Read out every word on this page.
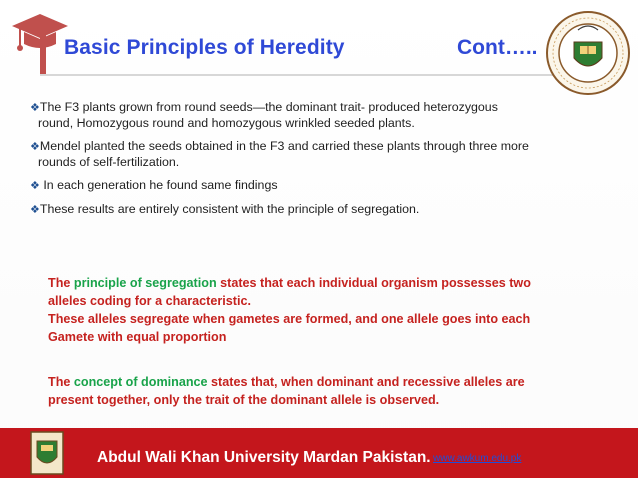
Basic Principles of Heredity	Cont…..
❖The F3 plants grown from round seeds—the dominant trait- produced heterozygous
round, Homozygous round and homozygous wrinkled seeded plants.
❖Mendel planted the seeds obtained in the F3 and carried these plants through three more
rounds of self-fertilization.
❖ In each generation he found same findings
❖These results are entirely consistent with the principle of segregation.
The principle of segregation states that each individual organism possesses two
alleles coding for a characteristic.
These alleles segregate when gametes are formed, and one allele goes into each
Gamete with equal proportion
The concept of dominance states that, when dominant and recessive alleles are
present together, only the trait of the dominant allele is observed.
Abdul Wali Khan University Mardan Pakistan. www.awkum.edu.pk
